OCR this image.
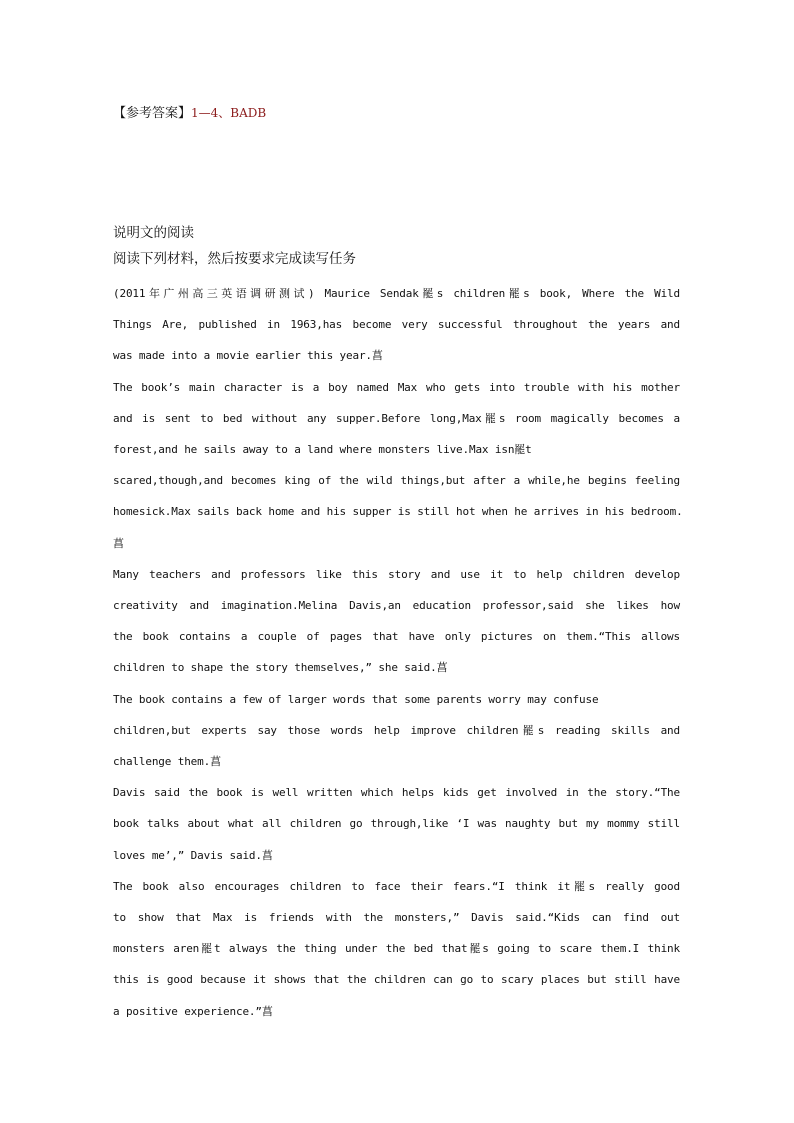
【参考答案】1—4、BADB
说明文的阅读
阅读下列材料，然后按要求完成读写任务
(2011年广州高三英语调研测试) Maurice Sendak罷s children罷s book, Where the Wild
Things Are, published in 1963,has become very successful throughout the years and
was made into a movie earlier this year.菖
The book’s main character is a boy named Max who gets into trouble with his mother
and is sent to bed without any supper.Before long,Max罷s room magically becomes a
forest,and he sails away to a land where monsters live.Max isn罷t
scared,though,and becomes king of the wild things,but after a while,he begins feeling
homesick.Max sails back home and his supper is still hot when he arrives in his bedroom.
菖
Many teachers and professors like this story and use it to help children develop
creativity and imagination.Melina Davis,an education professor,said she likes how
the book contains a couple of pages that have only pictures on them.“This allows
children to shape the story themselves,” she said.菖
The book contains a few of larger words that some parents worry may confuse
children,but experts say those words help improve children罷s reading skills and
challenge them.菖
Davis said the book is well written which helps kids get involved in the story.“The
book talks about what all children go through,like ‘I was naughty but my mommy still
loves me’,” Davis said.菖
The book also encourages children to face their fears.“I think it罷s really good
to show that Max is friends with the monsters,” Davis said.“Kids can find out
monsters aren罷t always the thing under the bed that罷s going to scare them.I think
this is good because it shows that the children can go to scary places but still have
a positive experience.”菖
